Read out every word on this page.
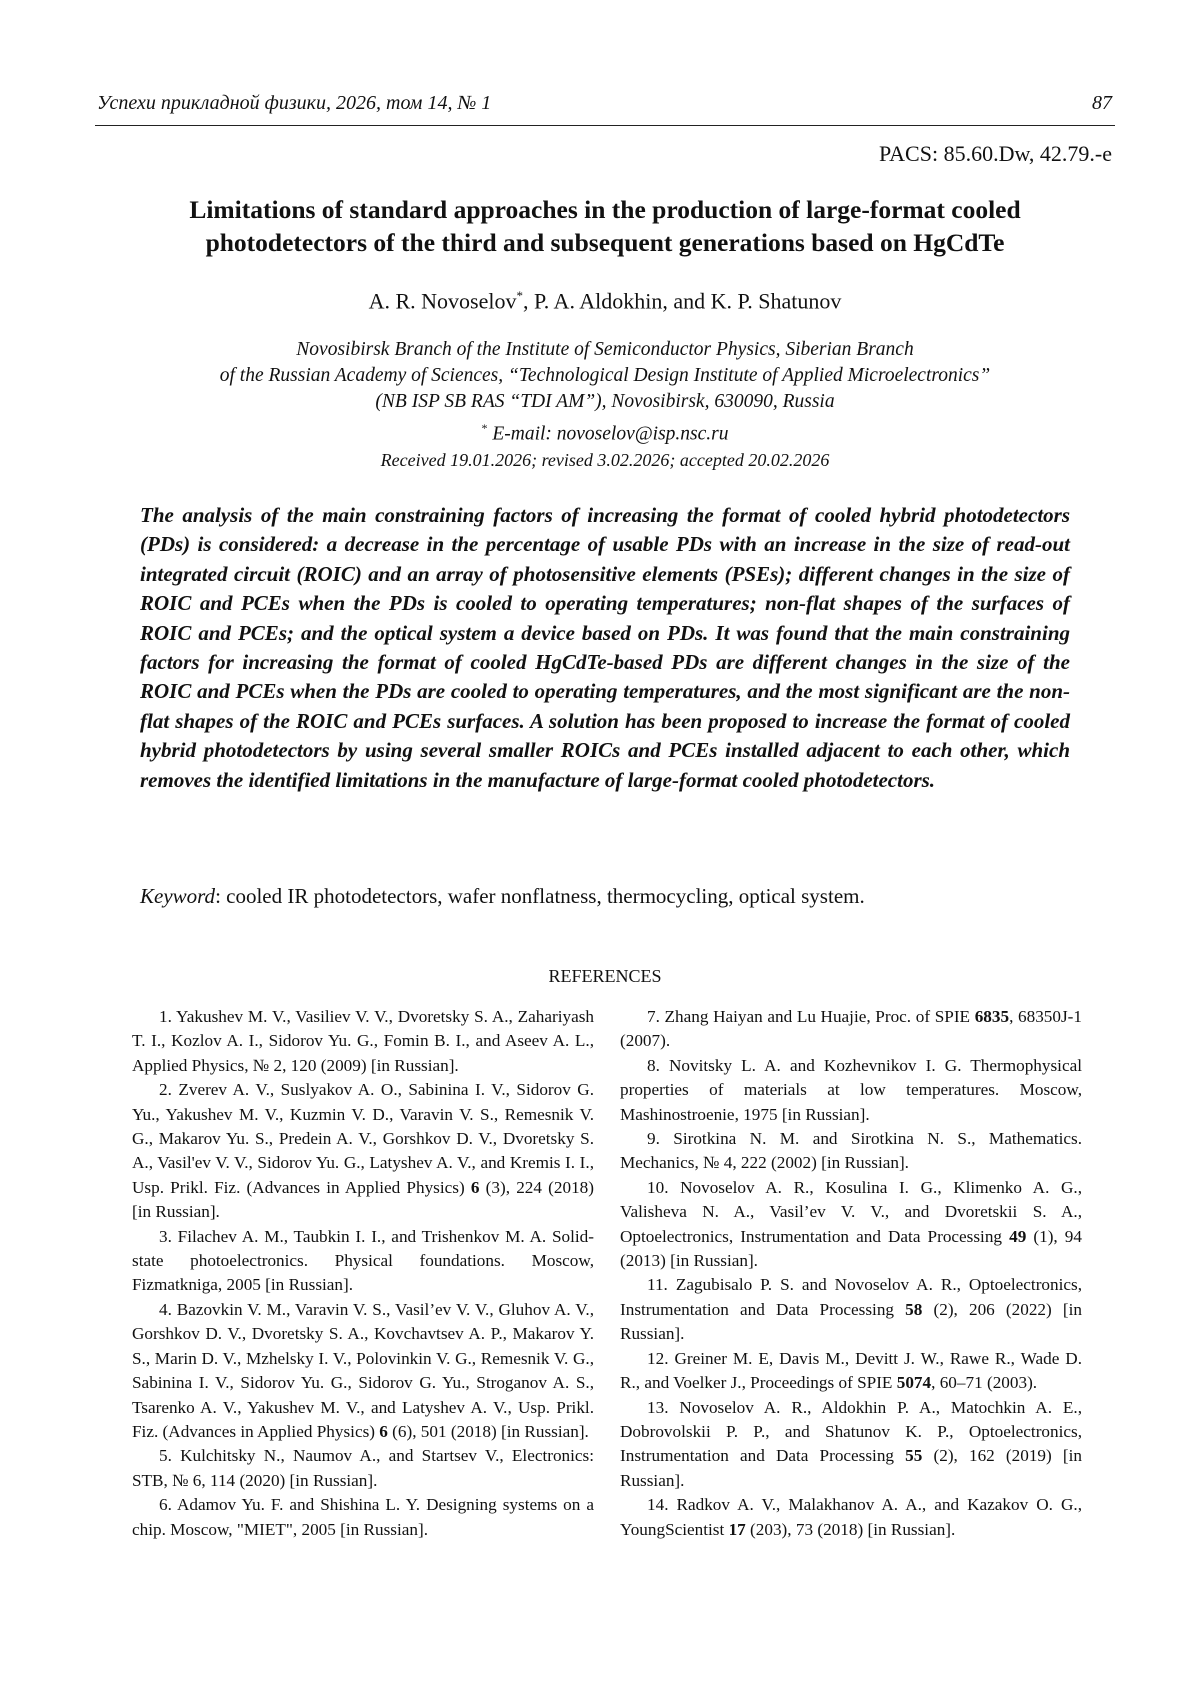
Успехи прикладной физики, 2026, том 14, № 1	87
PACS: 85.60.Dw, 42.79.-e
Limitations of standard approaches in the production of large-format cooled
photodetectors of the third and subsequent generations based on HgCdTe
A. R. Novoselov*, P. A. Aldokhin, and K. P. Shatunov
Novosibirsk Branch of the Institute of Semiconductor Physics, Siberian Branch
of the Russian Academy of Sciences, “Technological Design Institute of Applied Microelectronics”
(NB ISP SB RAS “TDI AM”), Novosibirsk, 630090, Russia
* E-mail: novoselov@isp.nsc.ru
Received 19.01.2026; revised 3.02.2026; accepted 20.02.2026
The analysis of the main constraining factors of increasing the format of cooled hybrid photodetectors (PDs) is considered: a decrease in the percentage of usable PDs with an increase in the size of read-out integrated circuit (ROIC) and an array of photosensitive elements (PSEs); different changes in the size of ROIC and PCEs when the PDs is cooled to operating temperatures; non-flat shapes of the surfaces of ROIC and PCEs; and the optical system a device based on PDs. It was found that the main constraining factors for increasing the format of cooled HgCdTe-based PDs are different changes in the size of the ROIC and PCEs when the PDs are cooled to operating temperatures, and the most significant are the non-flat shapes of the ROIC and PCEs surfaces. A solution has been proposed to increase the format of cooled hybrid photodetectors by using several smaller ROICs and PCEs installed adjacent to each other, which removes the identified limitations in the manufacture of large-format cooled photodetectors.
Keyword: cooled IR photodetectors, wafer nonflatness, thermocycling, optical system.
REFERENCES

1. Yakushev M. V., Vasiliev V. V., Dvoretsky S. A., Zahariyash T. I., Kozlov A. I., Sidorov Yu. G., Fomin B. I., and Aseev A. L., Applied Physics, № 2, 120 (2009) [in Russian].

2. Zverev A. V., Suslyakov A. O., Sabinina I. V., Sidorov G. Yu., Yakushev M. V., Kuzmin V. D., Varavin V. S., Remesnik V. G., Makarov Yu. S., Predein A. V., Gorshkov D. V., Dvoretsky S. A., Vasil'ev V. V., Sidorov Yu. G., Latyshev A. V., and Kremis I. I., Usp. Prikl. Fiz. (Advances in Applied Physics) 6 (3), 224 (2018) [in Russian].

3. Filachev A. M., Taubkin I. I., and Trishenkov M. A. Solid-state photoelectronics. Physical foundations. Moscow, Fizmatkniga, 2005 [in Russian].

4. Bazovkin V. M., Varavin V. S., Vasil’ev V. V., Gluhov A. V., Gorshkov D. V., Dvoretsky S. A., Kovchavtsev A. P., Makarov Y. S., Marin D. V., Mzhelsky I. V., Polovinkin V. G., Remesnik V. G., Sabinina I. V., Sidorov Yu. G., Sidorov G. Yu., Stroganov A. S., Tsarenko A. V., Yakushev M. V., and Latyshev A. V., Usp. Prikl. Fiz. (Advances in Applied Physics) 6 (6), 501 (2018) [in Russian].

5. Kulchitsky N., Naumov A., and Startsev V., Electronics: STB, № 6, 114 (2020) [in Russian].

6. Adamov Yu. F. and Shishina L. Y. Designing systems on a chip. Moscow, "MIET", 2005 [in Russian].

7. Zhang Haiyan and Lu Huajie, Proc. of SPIE 6835, 68350J-1 (2007).

8. Novitsky L. A. and Kozhevnikov I. G. Thermophysical properties of materials at low temperatures. Moscow, Mashinostroenie, 1975 [in Russian].

9. Sirotkina N. M. and Sirotkina N. S., Mathematics. Mechanics, № 4, 222 (2002) [in Russian].

10. Novoselov A. R., Kosulina I. G., Klimenko A. G., Valisheva N. A., Vasil’ev V. V., and Dvoretskii S. A., Optoelectronics, Instrumentation and Data Processing 49 (1), 94 (2013) [in Russian].

11. Zagubisalo P. S. and Novoselov A. R., Optoelectronics, Instrumentation and Data Processing 58 (2), 206 (2022) [in Russian].

12. Greiner M. E, Davis M., Devitt J. W., Rawe R., Wade D. R., and Voelker J., Proceedings of SPIE 5074, 60–71 (2003).

13. Novoselov A. R., Aldokhin P. A., Matochkin A. E., Dobrovolskii P. P., and Shatunov K. P., Optoelectronics, Instrumentation and Data Processing 55 (2), 162 (2019) [in Russian].

14. Radkov A. V., Malakhanov A. A., and Kazakov O. G., YoungScientist 17 (203), 73 (2018) [in Russian].
